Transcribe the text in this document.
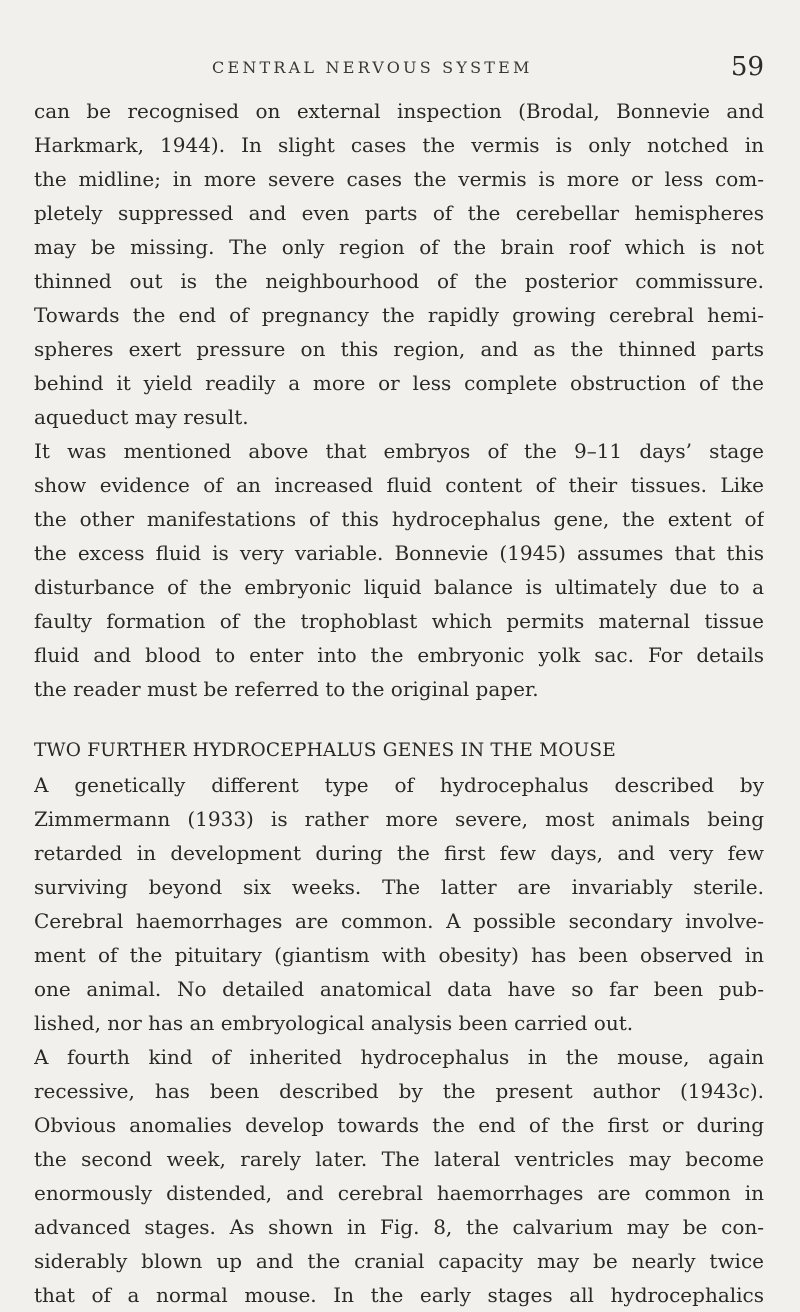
CENTRAL NERVOUS SYSTEM	59
can be recognised on external inspection (Brodal, Bonnevie and
Harkmark, 1944). In slight cases the vermis is only notched in
the midline; in more severe cases the vermis is more or less com-
pletely suppressed and even parts of the cerebellar hemispheres
may be missing. The only region of the brain roof which is not
thinned out is the neighbourhood of the posterior commissure.
Towards the end of pregnancy the rapidly growing cerebral hemi-
spheres exert pressure on this region, and as the thinned parts
behind it yield readily a more or less complete obstruction of the
aqueduct may result.
It was mentioned above that embryos of the 9–11 days’ stage
show evidence of an increased fluid content of their tissues. Like
the other manifestations of this hydrocephalus gene, the extent of
the excess fluid is very variable. Bonnevie (1945) assumes that this
disturbance of the embryonic liquid balance is ultimately due to a
faulty formation of the trophoblast which permits maternal tissue
fluid and blood to enter into the embryonic yolk sac. For details
the reader must be referred to the original paper.
TWO FURTHER HYDROCEPHALUS GENES IN THE MOUSE
A genetically different type of hydrocephalus described by
Zimmermann (1933) is rather more severe, most animals being
retarded in development during the first few days, and very few
surviving beyond six weeks. The latter are invariably sterile.
Cerebral haemorrhages are common. A possible secondary involve-
ment of the pituitary (giantism with obesity) has been observed in
one animal. No detailed anatomical data have so far been pub-
lished, nor has an embryological analysis been carried out.
A fourth kind of inherited hydrocephalus in the mouse, again
recessive, has been described by the present author (1943c).
Obvious anomalies develop towards the end of the first or during
the second week, rarely later. The lateral ventricles may become
enormously distended, and cerebral haemorrhages are common in
advanced stages. As shown in Fig. 8, the calvarium may be con-
siderably blown up and the cranial capacity may be nearly twice
that of a normal mouse. In the early stages all hydrocephalics
